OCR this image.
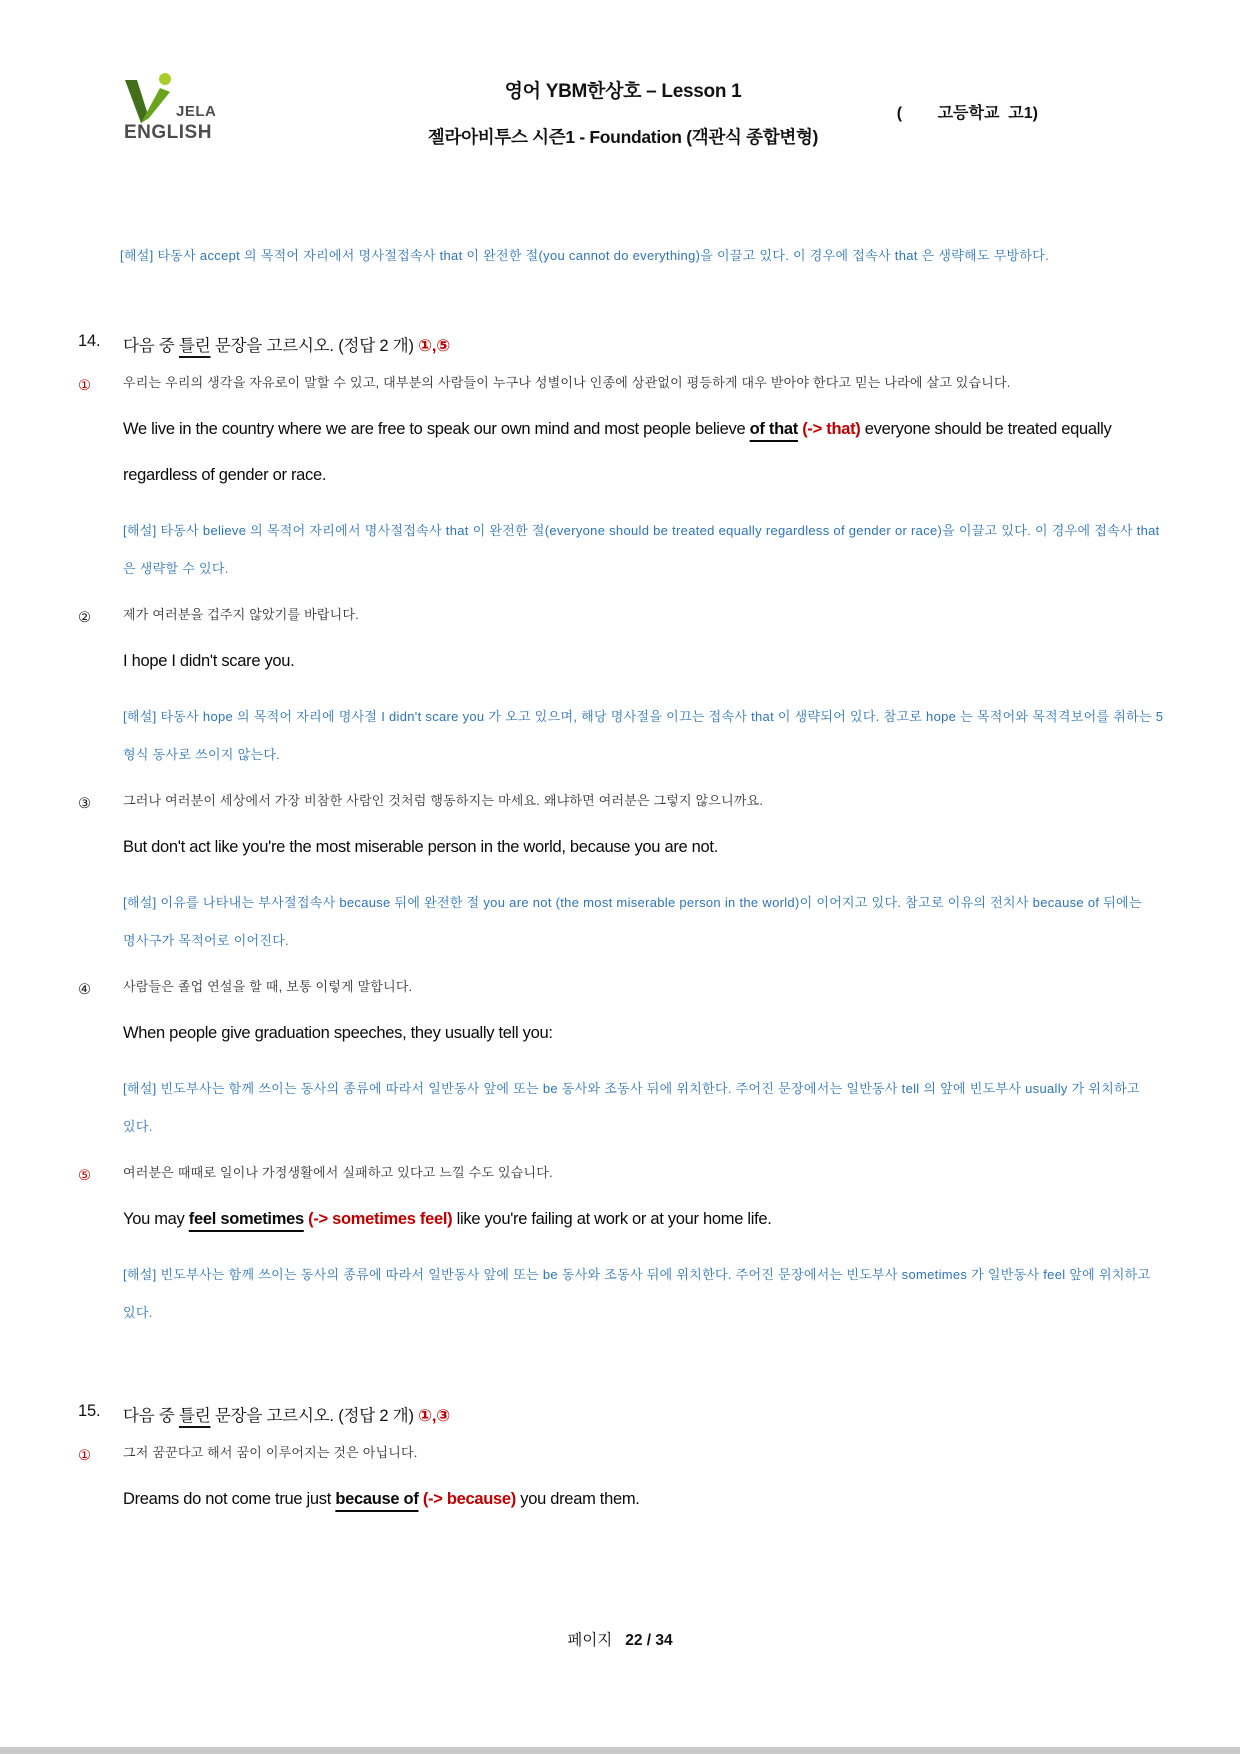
JELA
ENGLISH
영어 YBM한상호 – Lesson 1
(        고등학교  고1)
젤라아비투스 시즌1 - Foundation (객관식 종합변형)

[해설] 타동사 accept 의 목적어 자리에서 명사절접속사 that 이 완전한 절(you cannot do everything)을 이끌고 있다. 이 경우에 접속사 that 은 생략해도 무방하다.

14.	다음 중 틀린 문장을 고르시오. (정답 2 개) ①,⑤
①	우리는 우리의 생각을 자유로이 말할 수 있고, 대부분의 사람들이 누구나 성별이나 인종에 상관없이 평등하게 대우 받아야 한다고 믿는 나라에 살고 있습니다.

We live in the country where we are free to speak our own mind and most people believe of that (-> that) everyone should be treated equally regardless of gender or race.

[해설] 타동사 believe 의 목적어 자리에서 명사절접속사 that 이 완전한 절(everyone should be treated equally regardless of gender or race)을 이끌고 있다. 이 경우에 접속사 that 은 생략할 수 있다.

②	제가 여러분을 겁주지 않았기를 바랍니다.

I hope I didn't scare you.

[해설] 타동사 hope 의 목적어 자리에 명사절 I didn't scare you 가 오고 있으며, 해당 명사절을 이끄는 접속사 that 이 생략되어 있다. 참고로 hope 는 목적어와 목적격보어를 취하는 5 형식 동사로 쓰이지 않는다.

③	그러나 여러분이 세상에서 가장 비참한 사람인 것처럼 행동하지는 마세요. 왜냐하면 여러분은 그렇지 않으니까요.

But don't act like you're the most miserable person in the world, because you are not.

[해설] 이유를 나타내는 부사절접속사 because 뒤에 완전한 절 you are not (the most miserable person in the world)이 이어지고 있다. 참고로 이유의 전치사 because of 뒤에는 명사구가 목적어로 이어진다.

④	사람들은 졸업 연설을 할 때, 보통 이렇게 말합니다.

When people give graduation speeches, they usually tell you:

[해설] 빈도부사는 함께 쓰이는 동사의 종류에 따라서 일반동사 앞에 또는 be 동사와 조동사 뒤에 위치한다. 주어진 문장에서는 일반동사 tell 의 앞에 빈도부사 usually 가 위치하고 있다.

⑤	여러분은 때때로 일이나 가정생활에서 실패하고 있다고 느낄 수도 있습니다.

You may feel sometimes (-> sometimes feel) like you're failing at work or at your home life.

[해설] 빈도부사는 함께 쓰이는 동사의 종류에 따라서 일반동사 앞에 또는 be 동사와 조동사 뒤에 위치한다. 주어진 문장에서는 빈도부사 sometimes 가 일반동사 feel 앞에 위치하고 있다.

15.	다음 중 틀린 문장을 고르시오. (정답 2 개) ①,③
①	그저 꿈꾼다고 해서 꿈이 이루어지는 것은 아닙니다.

Dreams do not come true just because of (-> because) you dream them.

페이지 22 / 34
